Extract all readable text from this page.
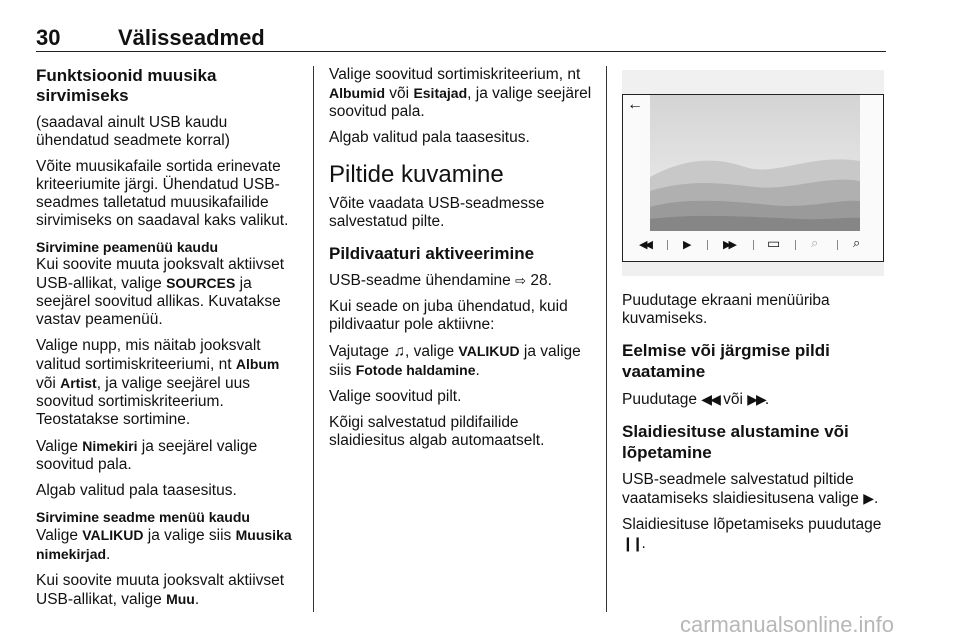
30	Välisseadmed
Funktsioonid muusika sirvimiseks

(saadaval ainult USB kaudu ühendatud seadmete korral)

Võite muusikafaile sortida erinevate kriteeriumite järgi. Ühendatud USB-seadmes talletatud muusikafailide sirvimiseks on saadaval kaks valikut.

Sirvimine peamenüü kaudu

Kui soovite muuta jooksvalt aktiivset USB-allikat, valige SOURCES ja seejärel soovitud allikas. Kuvatakse vastav peamenüü.

Valige nupp, mis näitab jooksvalt valitud sortimiskriteeriumi, nt Album või Artist, ja valige seejärel uus soovitud sortimiskriteerium.
Teostatakse sortimine.

Valige Nimekiri ja seejärel valige soovitud pala.

Algab valitud pala taasesitus.

Sirvimine seadme menüü kaudu

Valige VALIKUD ja valige siis Muusika nimekirjad.

Kui soovite muuta jooksvalt aktiivset USB-allikat, valige Muu.

Valige soovitud sortimiskriteerium, nt Albumid või Esitajad, ja valige seejärel soovitud pala.

Algab valitud pala taasesitus.

Piltide kuvamine

Võite vaadata USB-seadmesse salvestatud pilte.

Pildivaaturi aktiveerimine

USB-seadme ühendamine ⇨ 28.

Kui seade on juba ühendatud, kuid pildivaatur pole aktiivne:

Vajutage ♫, valige VALIKUD ja valige siis Fotode haldamine.

Valige soovitud pilt.

Kõigi salvestatud pildifailide slaidiesitus algab automaatselt.

←
◀◀	▶	▶▶ ▭ ⌕	⌕

Puudutage ekraani menüüriba kuvamiseks.

Eelmise või järgmise pildi vaatamine

Puudutage ◀◀ või ▶▶.

Slaidiesituse alustamine või lõpetamine

USB-seadmele salvestatud piltide vaatamiseks slaidiesitusena valige ▶.

Slaidiesituse lõpetamiseks puudutage ❙❙.

carmanualsonline.info
